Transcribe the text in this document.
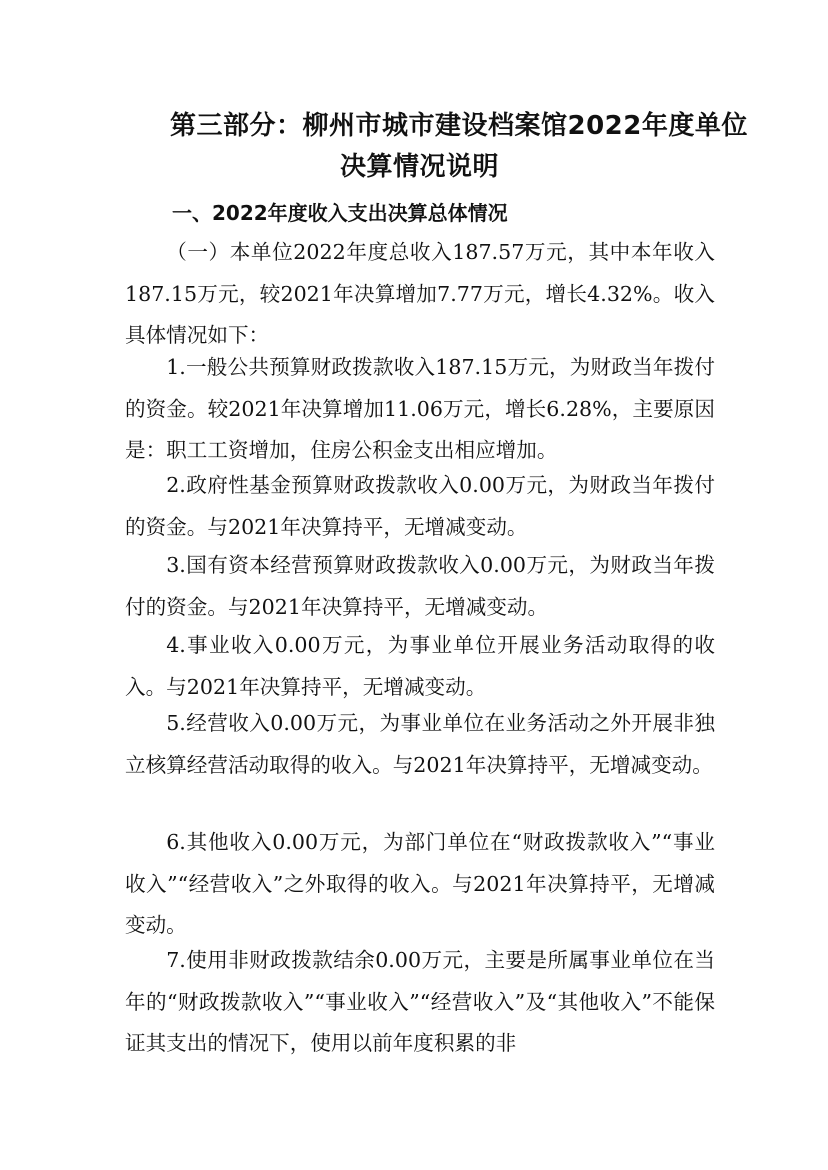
第三部分：柳州市城市建设档案馆2022年度单位
决算情况说明
一、2022年度收入支出决算总体情况

（一）本单位2022年度总收入187.57万元，其中本年收入187.15万元，较2021年决算增加7.77万元，增长4.32%。收入具体情况如下：

1.一般公共预算财政拨款收入187.15万元，为财政当年拨付的资金。较2021年决算增加11.06万元，增长6.28%，主要原因是：职工工资增加，住房公积金支出相应增加。

2.政府性基金预算财政拨款收入0.00万元，为财政当年拨付的资金。与2021年决算持平，无增减变动。

3.国有资本经营预算财政拨款收入0.00万元，为财政当年拨付的资金。与2021年决算持平，无增减变动。

4.事业收入0.00万元，为事业单位开展业务活动取得的收入。与2021年决算持平，无增减变动。

5.经营收入0.00万元，为事业单位在业务活动之外开展非独立核算经营活动取得的收入。与2021年决算持平，无增减变动。

6.其他收入0.00万元，为部门单位在“财政拨款收入”“事业收入”“经营收入”之外取得的收入。与2021年决算持平，无增减变动。

7.使用非财政拨款结余0.00万元，主要是所属事业单位在当年的“财政拨款收入”“事业收入”“经营收入”及“其他收入”不能保证其支出的情况下，使用以前年度积累的非
